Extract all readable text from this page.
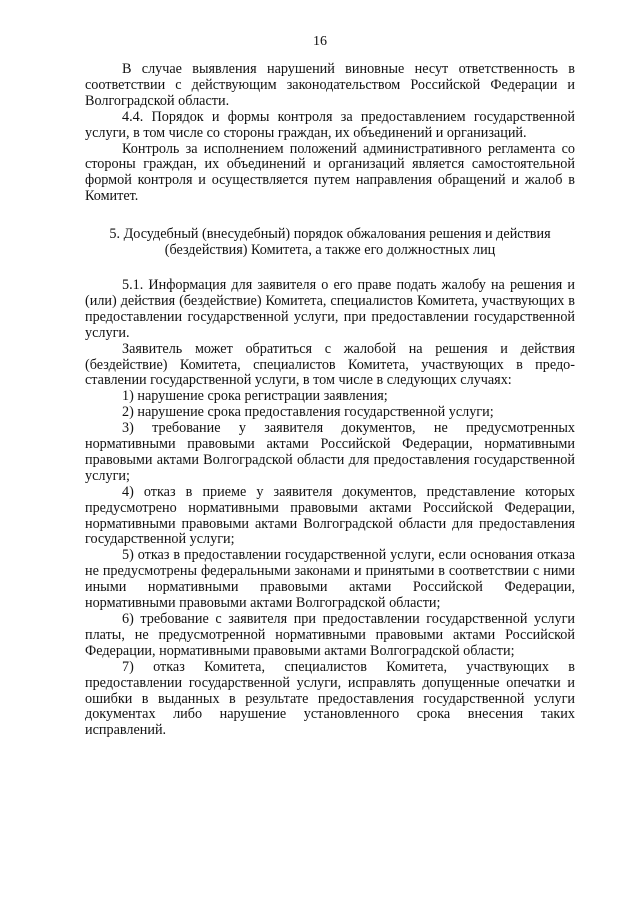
16

В случае выявления нарушений виновные несут ответственность в соответствии с действующим законодательством Российской Федерации и Волгоградской области.

4.4. Порядок и формы контроля за предоставлением государственной услуги, в том числе со стороны граждан, их объединений и организаций.

Контроль за исполнением положений административного регламента со стороны граждан, их объединений и организаций является самостоятельной формой контроля и осуществляется путем направления обращений и жалоб в Комитет.

5. Досудебный (внесудебный) порядок обжалования решения и действия (бездействия) Комитета, а также его должностных лиц

5.1. Информация для заявителя о его праве подать жалобу на решения и (или) действия (бездействие) Комитета, специалистов Комитета, участвующих в предоставлении государственной услуги, при предоставлении государственной услуги.

Заявитель может обратиться с жалобой на решения и действия (бездействие) Комитета, специалистов Комитета, участвующих в предоставлении государственной услуги, в том числе в следующих случаях:

1) нарушение срока регистрации заявления;

2) нарушение срока предоставления государственной услуги;

3) требование у заявителя документов, не предусмотренных нормативными правовыми актами Российской Федерации, нормативными правовыми актами Волгоградской области для предоставления государственной услуги;

4) отказ в приеме у заявителя документов, представление которых предусмотрено нормативными правовыми актами Российской Федерации, нормативными правовыми актами Волгоградской области для предоставления государственной услуги;

5) отказ в предоставлении государственной услуги, если основания отказа не предусмотрены федеральными законами и принятыми в соответствии с ними иными нормативными правовыми актами Российской Федерации, нормативными правовыми актами Волгоградской области;

6) требование с заявителя при предоставлении государственной услуги платы, не предусмотренной нормативными правовыми актами Российской Федерации, нормативными правовыми актами Волгоградской области;

7) отказ Комитета, специалистов Комитета, участвующих в предоставлении государственной услуги, исправлять допущенные опечатки и ошибки в выданных в результате предоставления государственной услуги документах либо нарушение установленного срока внесения таких исправлений.
